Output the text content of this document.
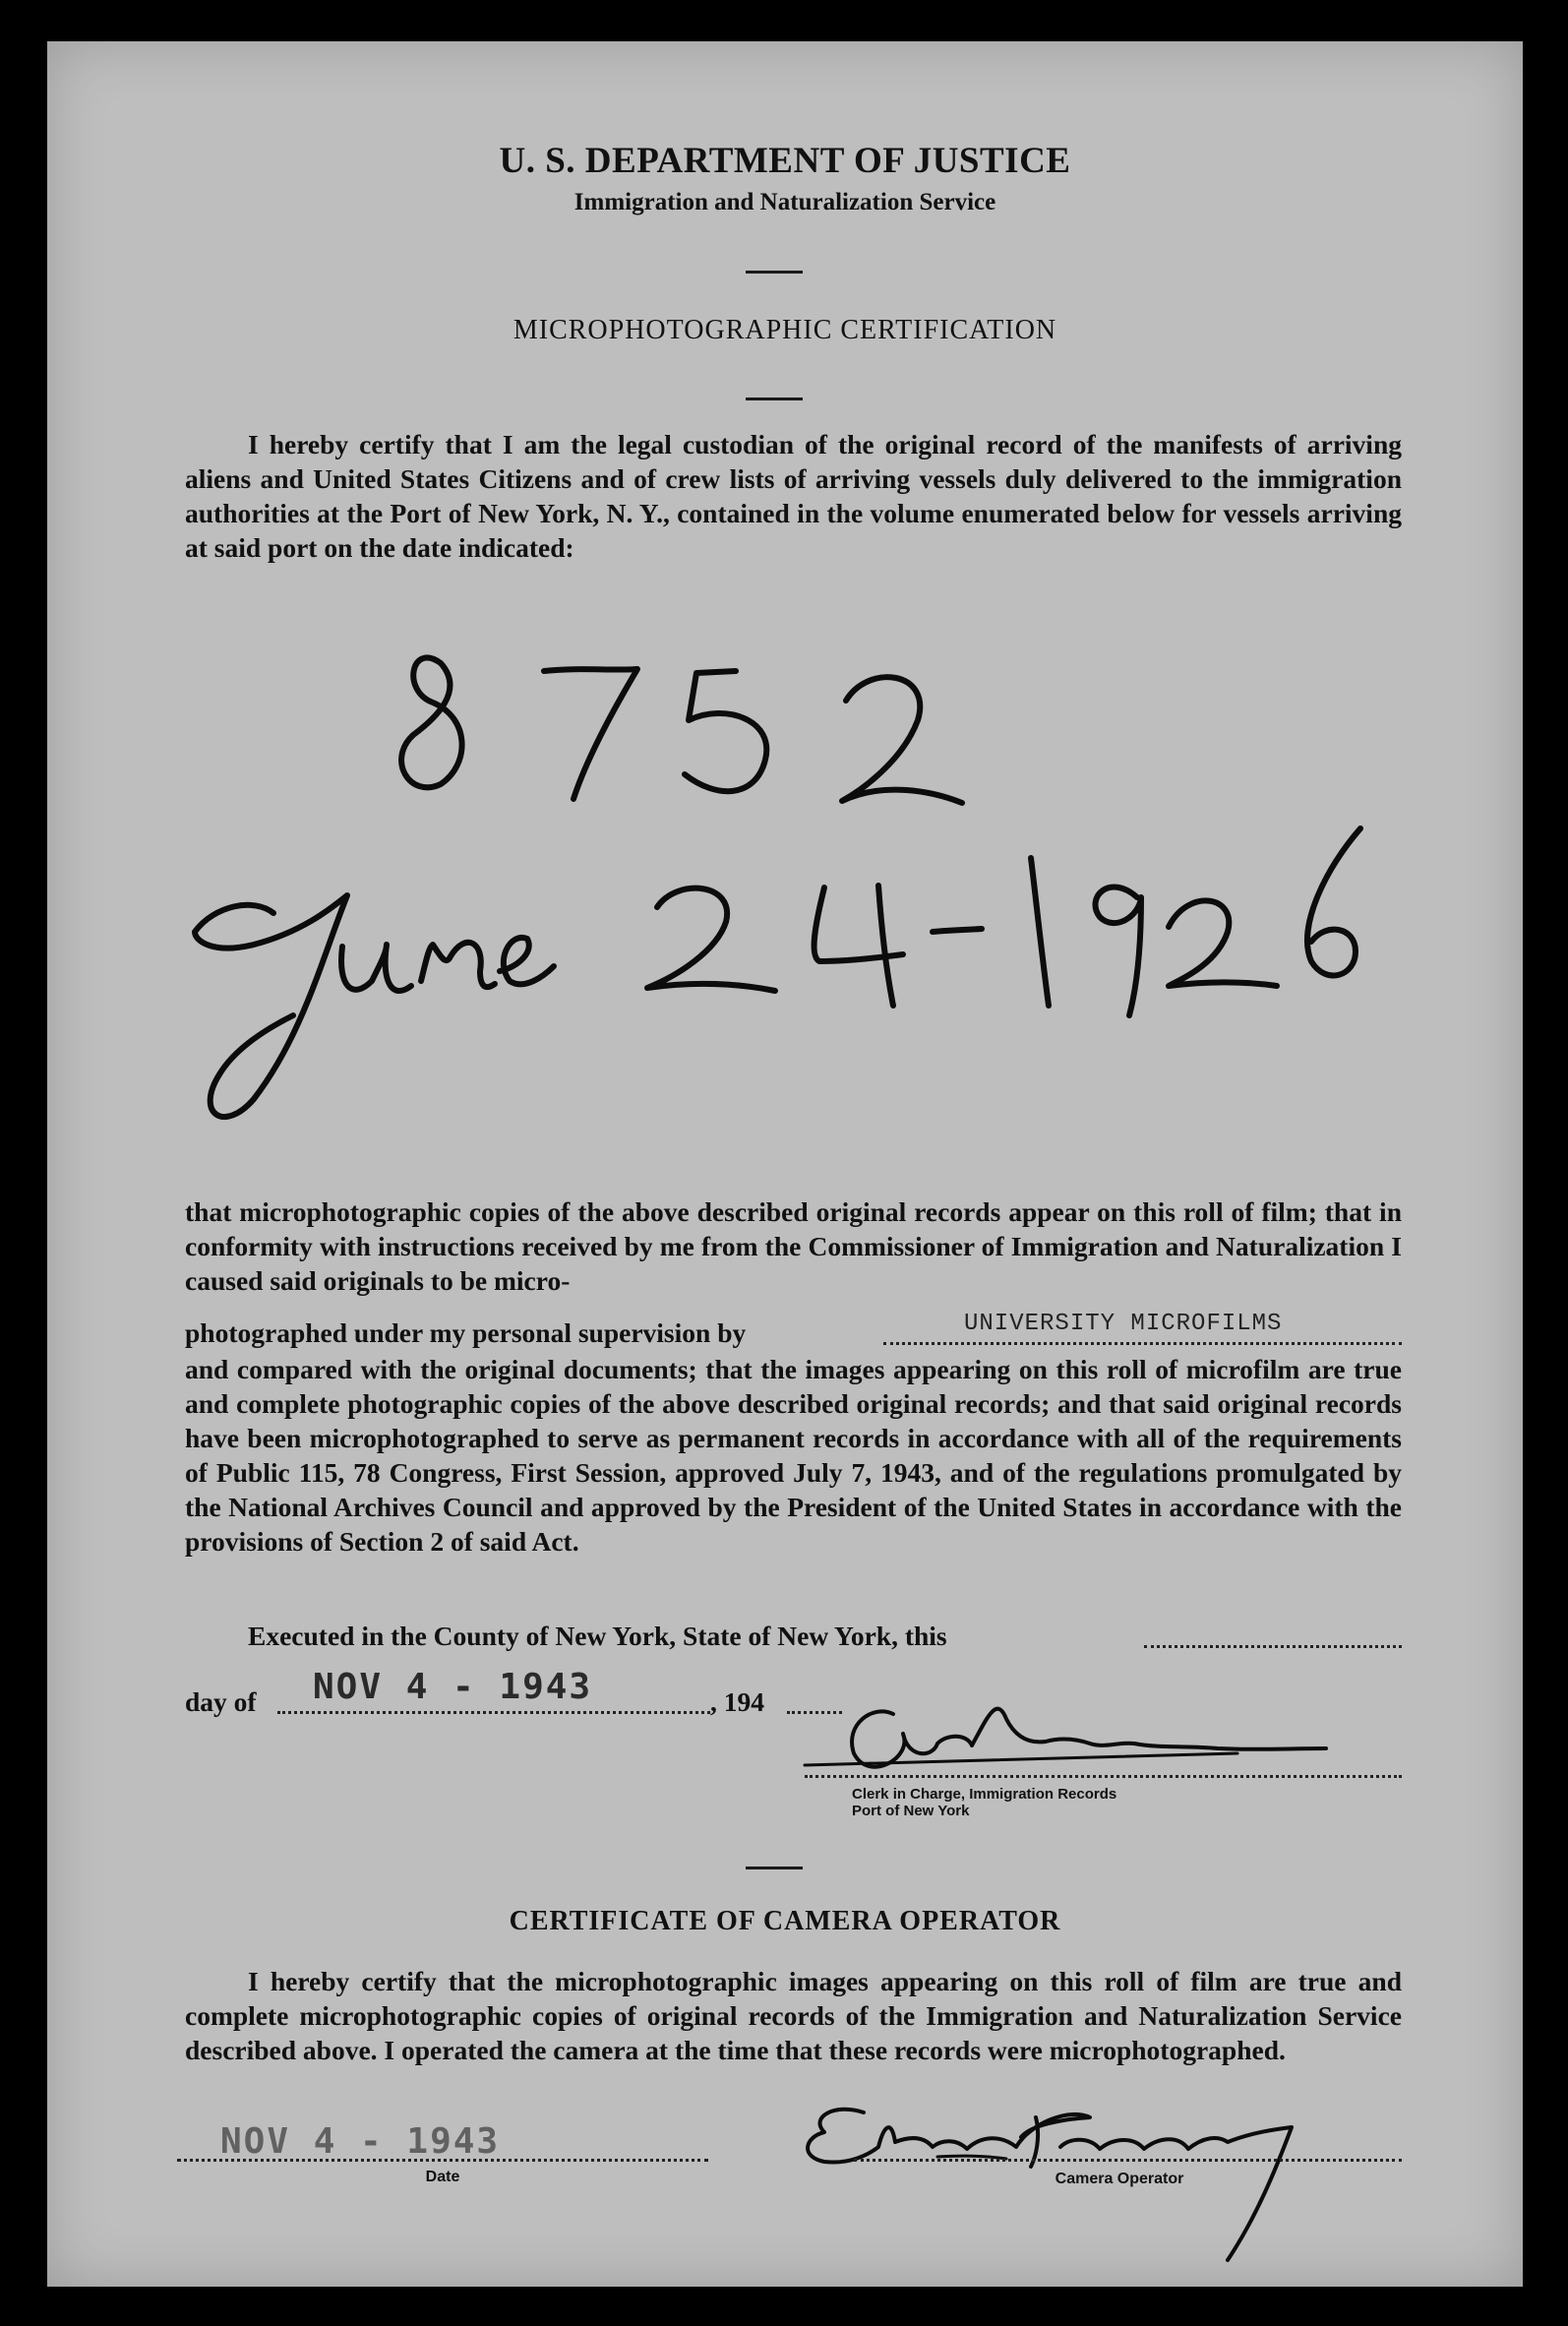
U. S. DEPARTMENT OF JUSTICE
Immigration and Naturalization Service
MICROPHOTOGRAPHIC CERTIFICATION
I hereby certify that I am the legal custodian of the original record of the manifests of arriving aliens and United States Citizens and of crew lists of arriving vessels duly delivered to the immigration authorities at the Port of New York, N. Y., contained in the volume enumerated below for vessels arriving at said port on the date indicated:
that microphotographic copies of the above described original records appear on this roll of film; that in conformity with instructions received by me from the Commissioner of Immigration and Naturalization I caused said originals to be micro-
photographed under my personal supervision by	UNIVERSITY MICROFILMS
and compared with the original documents; that the images appearing on this roll of microfilm are true and complete photographic copies of the above described original records; and that said original records have been microphotographed to serve as permanent records in accordance with all of the requirements of Public 115, 78 Congress, First Session, approved July 7, 1943, and of the regulations promulgated by the National Archives Council and approved by the President of the United States in accordance with the provisions of Section 2 of said Act.
Executed in the County of New York, State of New York, this
day of NOV 4 - 1943	, 194
Clerk in Charge, Immigration Records
Port of New York
CERTIFICATE OF CAMERA OPERATOR
I hereby certify that the microphotographic images appearing on this roll of film are true and complete microphotographic copies of original records of the Immigration and Naturalization Service described above. I operated the camera at the time that these records were microphotographed.
NOV 4 - 1943
Date	Camera Operator
